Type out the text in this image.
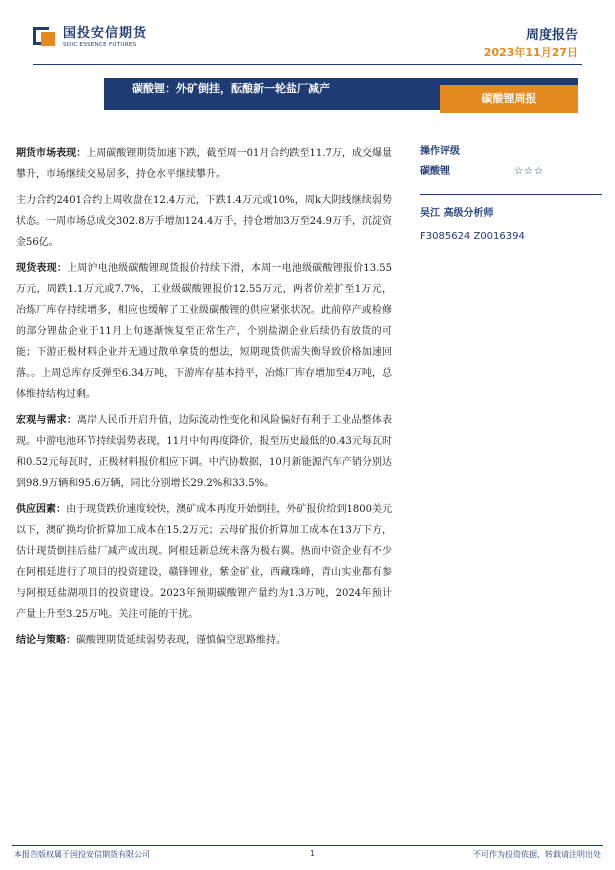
国投安信期货
SDIC ESSENCE FUTURES
周度报告
2023年11月27日
碳酸锂：外矿倒挂，酝酿新一轮盐厂减产
碳酸锂周报

期货市场表现：上周碳酸锂期货加速下跌，截至周一01月合约跌至11.7万，成交爆量攀升，市场继续交易居多，持仓水平继续攀升。

主力合约2401合约上周收盘在12.4万元，下跌1.4万元或10%，周k大阴线继续弱势状态。一周市场总成交302.8万手增加124.4万手，持仓增加3万至24.9万手，沉淀资金56亿。

现货表现：上周沪电池级碳酸锂现货报价持续下滑，本周一电池级碳酸锂报价13.55万元，周跌1.1万元或7.7%，工业级碳酸锂报价12.55万元，两者价差扩至1万元，冶炼厂库存持续增多，相应也缓解了工业级碳酸锂的供应紧张状况。此前停产或检修的部分锂盐企业于11月上旬逐渐恢复至正常生产，个别盐湖企业后续仍有放货的可能；下游正极材料企业并无通过散单拿货的想法，短期现货供需失衡导致价格加速回落。。上周总库存反弹至6.34万吨，下游库存基本持平，冶炼厂库存增加至4万吨，总体维持结构过剩。

宏观与需求：离岸人民币开启升值，边际流动性变化和风险偏好有利于工业品整体表现。中游电池环节持续弱势表现，11月中旬再度降价，报至历史最低的0.43元每瓦时和0.52元每瓦时，正极材料报价相应下调。中汽协数据，10月新能源汽车产销分别达到98.9万辆和95.6万辆，同比分别增长29.2%和33.5%。

供应因素：由于现货跌价速度较快，澳矿成本再度开始倒挂，外矿报价给到1800美元以下，澳矿换均价折算加工成本在15.2万元；云母矿报价折算加工成本在13万下方，估计现货倒挂后盐厂减产或出现。阿根廷新总统未落为极右翼。热而中资企业有不少在阿根廷进行了项目的投资建设，赣锋锂业，紫金矿业，西藏珠峰，青山实业都有参与阿根廷盐湖项目的投资建设。2023年预期碳酸锂产量约为1.3万吨，2024年预计产量上升至3.25万吨。关注可能的干扰。

结论与策略：碳酸锂期货延续弱势表现，谨慎偏空思路维持。

操作评级
碳酸锂	☆☆☆
吴江 高级分析师
F3085624 Z0016394
本报告版权属于国投安信期货有限公司	1	不可作为投资依据，转载请注明出处
